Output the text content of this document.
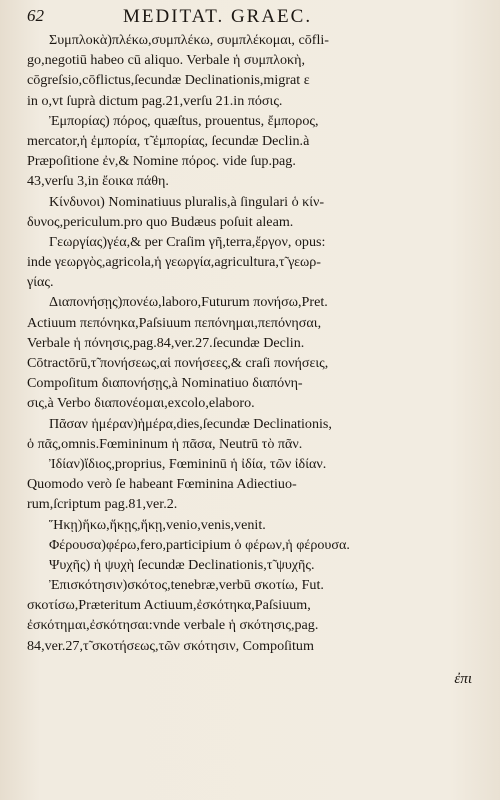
62	MEDITAT. GRAEC.
Συμπλοκὰ)πλέκω,συμπλέκω, συμπλέκομαι, cōfli-
go,negotiū habeo cū aliquo. Verbale ἡ συμπλοκὴ,
cōgreſsio,cōflictus,ſecundæ Declinationis,migrat ε
in o,vt ſuprà dictum pag.21,verſu 21.in πόσις.
Ἐμπορίας) πόρος, quæſtus, prouentus, ἔμπορος,
mercator,ἡ ἐμπορία, τ̃ ἐμπορίας, ſecundæ Declin.à
Præpoſitione ἐν,& Nomine πόρος. vide ſup.pag.
43,verſu 3,in ἔοικα πάθη.
Κίνδυνοι) Nominatiuus pluralis,à ſingulari ὁ κίν-
δυνος,periculum.pro quo Budæus poſuit aleam.
Γεωργίας)γέα,& per Craſim γῆ,terra,ἔργον, opus:
inde γεωργὸς,agricola,ἡ γεωργία,agricultura,τ̃ γεωρ-
γίας.
Διαπονήσῃς)πονέω,laboro,Futurum πονήσω,Pret.
Actiuum πεπόνηκα,Paſsiuum πεπόνημαι,πεπόνησαι,
Verbale ἡ πόνησις,pag.84,ver.27.ſecundæ Declin.
Cōtractōrū,τ̃ πονήσεως,αἱ πονήσεες,& craſi πονήσεις,
Compoſitum διαπονήσῃς,à Nominatiuo διαπόνη-
σις,à Verbo διαπονέομαι,excolo,elaboro.
Πᾶσαν ἡμέραν)ἡμέρα,dies,ſecundæ Declinationis,
ὁ πᾶς,omnis.Fœmininum ἡ πᾶσα, Neutrū τὸ πᾶν.
Ἰδίαν)ἴδιος,proprius, Fœmininū ἡ ἰδία, τῶν ἰδίαν.
Quomodo verò ſe habeant Fœminina Adiectiuo-
rum,ſcriptum pag.81,ver.2.
Ἥκῃ)ἥκω,ἥκῃς,ἥκῃ,venio,venis,venit.
Φέρουσα)φέρω,fero,participium ὁ φέρων,ἡ φέρουσα.
Ψυχῆς) ἡ ψυχὴ ſecundæ Declinationis,τ̃ ψυχῆς.
Ἐπισκότησιν)σκότος,tenebræ,verbū σκοτίω, Fut.
σκοτίσω,Præteritum Actiuum,ἐσκότηκα,Paſsiuum,
ἐσκότημαι,ἐσκότησαι:vnde verbale ἡ σκότησις,pag.
84,ver.27,τ̃ σκοτήσεως,τῶν σκότησιν, Compoſitum
ἐπι
